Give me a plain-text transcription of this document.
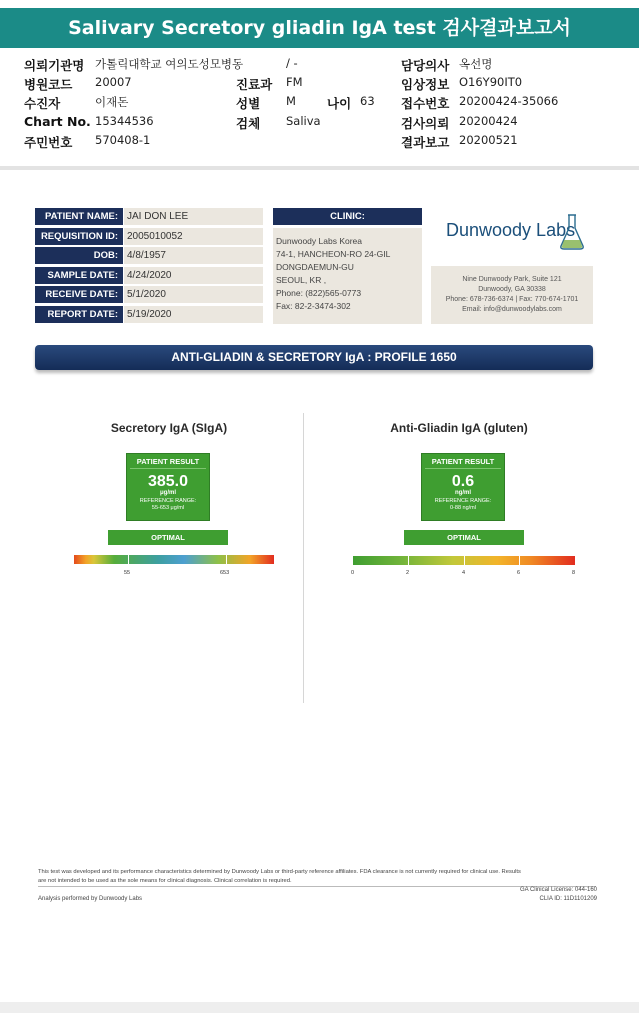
Salivary Secretory gliadin IgA test 검사결과보고서
의뢰기관명 가톨릭대학교 여의도성모병동	/ -
병원코드 20007
수진자	이재돈
Chart No. 15344536
주민번호 570408-1
진료과 FM
성별 M 나이 63
검체 Saliva
담당의사 옥선명
임상정보 O16Y90IT0
접수번호 20200424-35066
검사의뢰 20200424
결과보고 20200521
PATIENT NAME: JAI DON LEE
REQUISITION ID: 2005010052
DOB: 4/8/1957
SAMPLE DATE: 4/24/2020
RECEIVE DATE: 5/1/2020
REPORT DATE: 5/19/2020
CLINIC:
Dunwoody Labs Korea
74-1, HANCHEON-RO 24-GIL
DONGDAEMUN-GU
SEOUL, KR ,
Phone: (822)565-0773
Fax: 82-2-3474-302
Dunwoody Labs
Nine Dunwoody Park, Suite 121
Dunwoody, GA 30338
Phone: 678-736-6374 | Fax: 770-674-1701
Email: info@dunwoodylabs.com
ANTI-GLIADIN & SECRETORY IgA : PROFILE 1650
Secretory IgA (SIgA)
PATIENT RESULT
385.0
μg/ml
REFERENCE RANGE:
55-653 μg/ml
OPTIMAL
55	653
Anti-Gliadin IgA (gluten)
PATIENT RESULT
0.6
ng/ml
REFERENCE RANGE:
0-88 ng/ml
OPTIMAL
0	2	4	6	8
This test was developed and its performance characteristics determined by Dunwoody Labs or third-party reference affiliates. FDA clearance is not currently required for clinical use. Results
are not intended to be used as the sole means for clinical diagnosis. Clinical correlation is required.
GA Clinical License: 044-160
Analysis performed by Dunwoody Labs	CLIA ID: 11D1101209
